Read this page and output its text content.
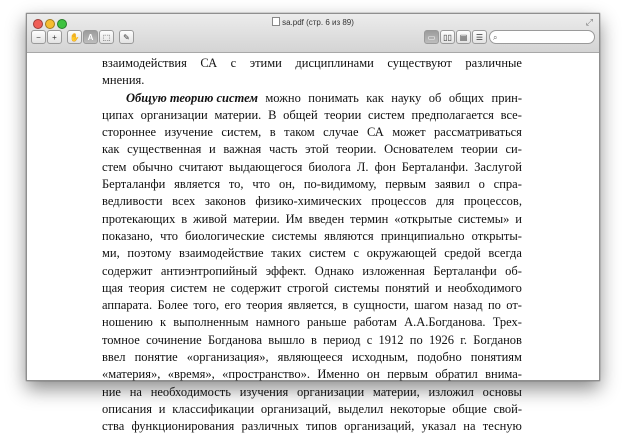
sa.pdf (стр. 6 из 89)	⤢
− + ✋ A ⬚ ✎	▭ ▯▯ ▤ ☰ ⌕
взаимодействия СА с этими дисциплинами существуют различные
мнения.
Общую теорию систем можно понимать как науку об общих прин-
ципах организации материи. В общей теории систем предполагается все-
стороннее изучение систем, в таком случае СА может рассматриваться
как существенная и важная часть этой теории. Основателем теории си-
стем обычно считают выдающегося биолога Л. фон Берталанфи. Заслугой
Берталанфи является то, что он, по-видимому, первым заявил о спра-
ведливости всех законов физико-химических процессов для процессов,
протекающих в живой материи. Им введен термин «открытые системы» и
показано, что биологические системы являются принципиально открыты-
ми, поэтому взаимодействие таких систем с окружающей средой всегда
содержит антиэнтропийный эффект. Однако изложенная Берталанфи об-
щая теория систем не содержит строгой системы понятий и необходимого
аппарата. Более того, его теория является, в сущности, шагом назад по от-
ношению к выполненным намного раньше работам А.А.Богданова. Трех-
томное сочинение Богданова вышло в период с 1912 по 1926 г. Богданов
ввел понятие «организация», являющееся исходным, подобно понятиям
«материя», «время», «пространство». Именно он первым обратил внима-
ние на необходимость изучения организации материи, изложил основы
описания и классификации организаций, выделил некоторые общие свой-
ства функционирования различных типов организаций, указал на тесную
